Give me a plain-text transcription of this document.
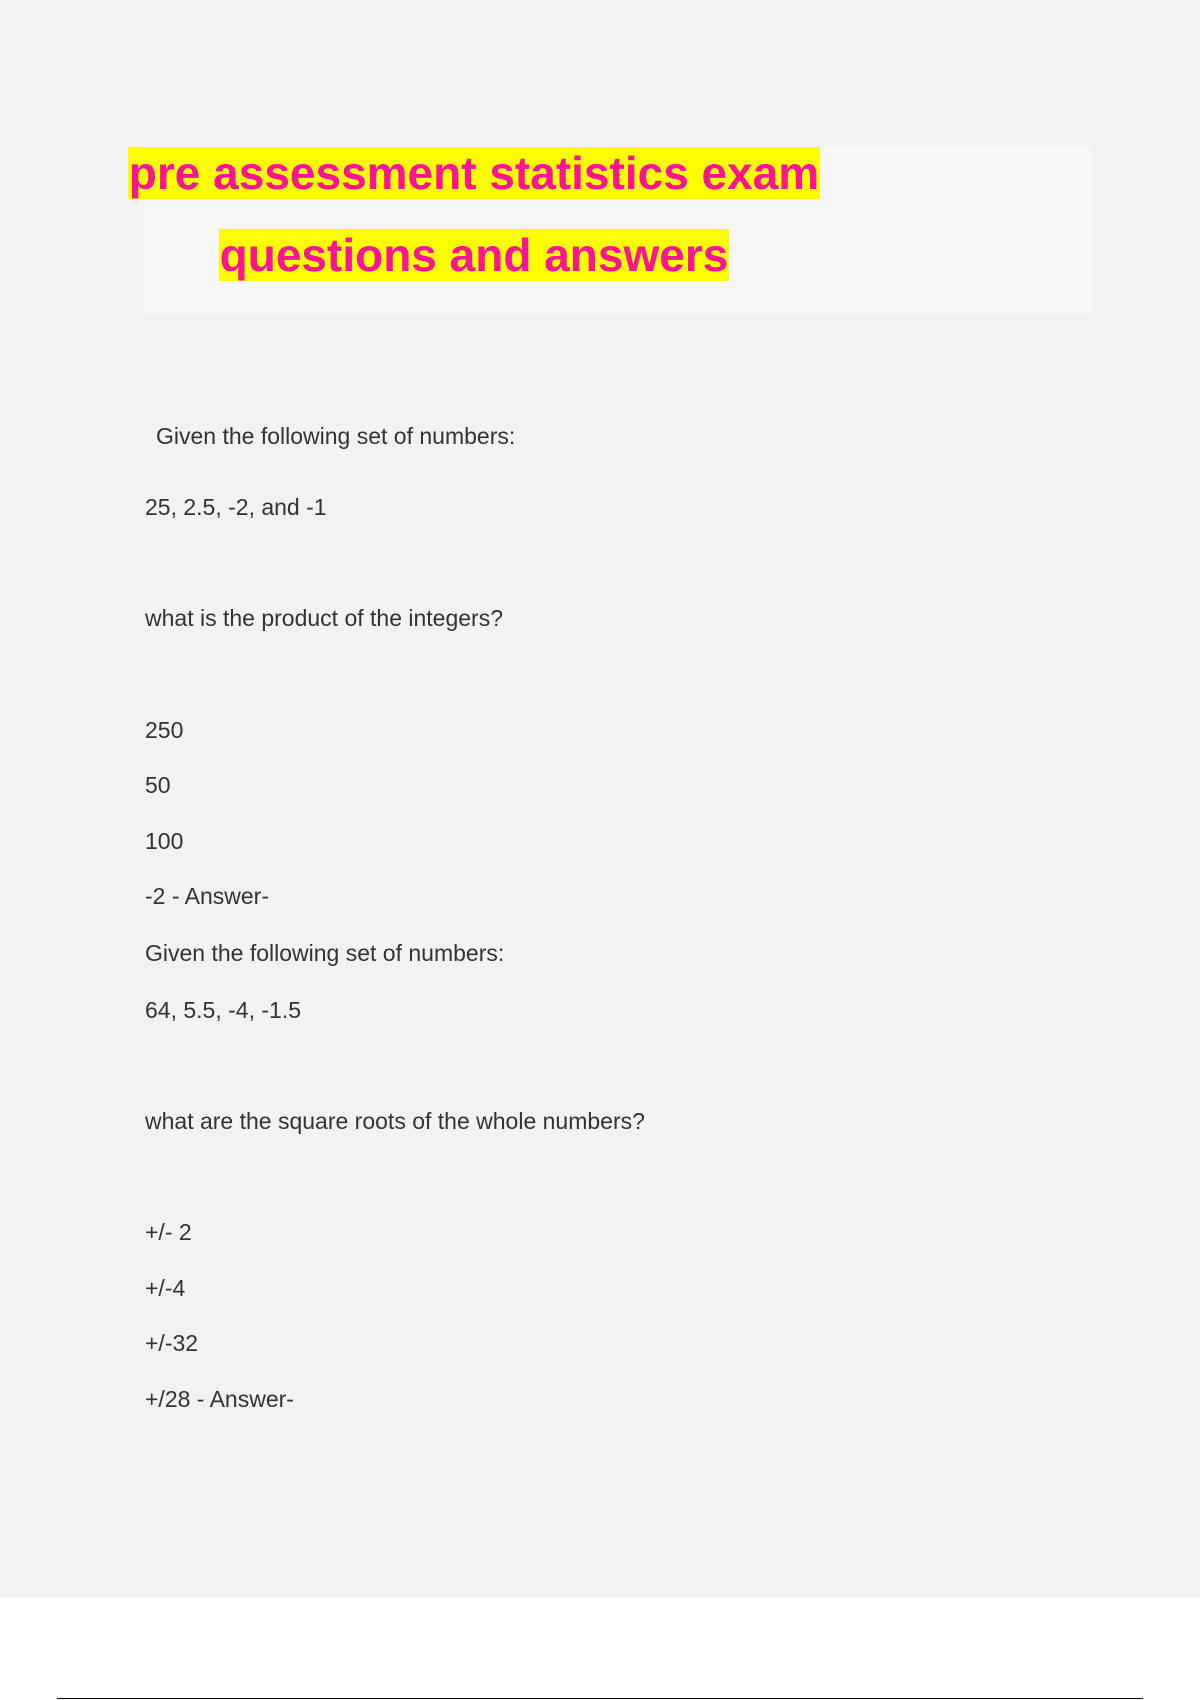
pre assessment statistics exam
questions and answers
Given the following set of numbers:
25, 2.5, -2, and -1
what is the product of the integers?
250
50
100
-2 - Answer-
Given the following set of numbers:
64, 5.5, -4, -1.5
what are the square roots of the whole numbers?
+/- 2
+/-4
+/-32
+/28 - Answer-
